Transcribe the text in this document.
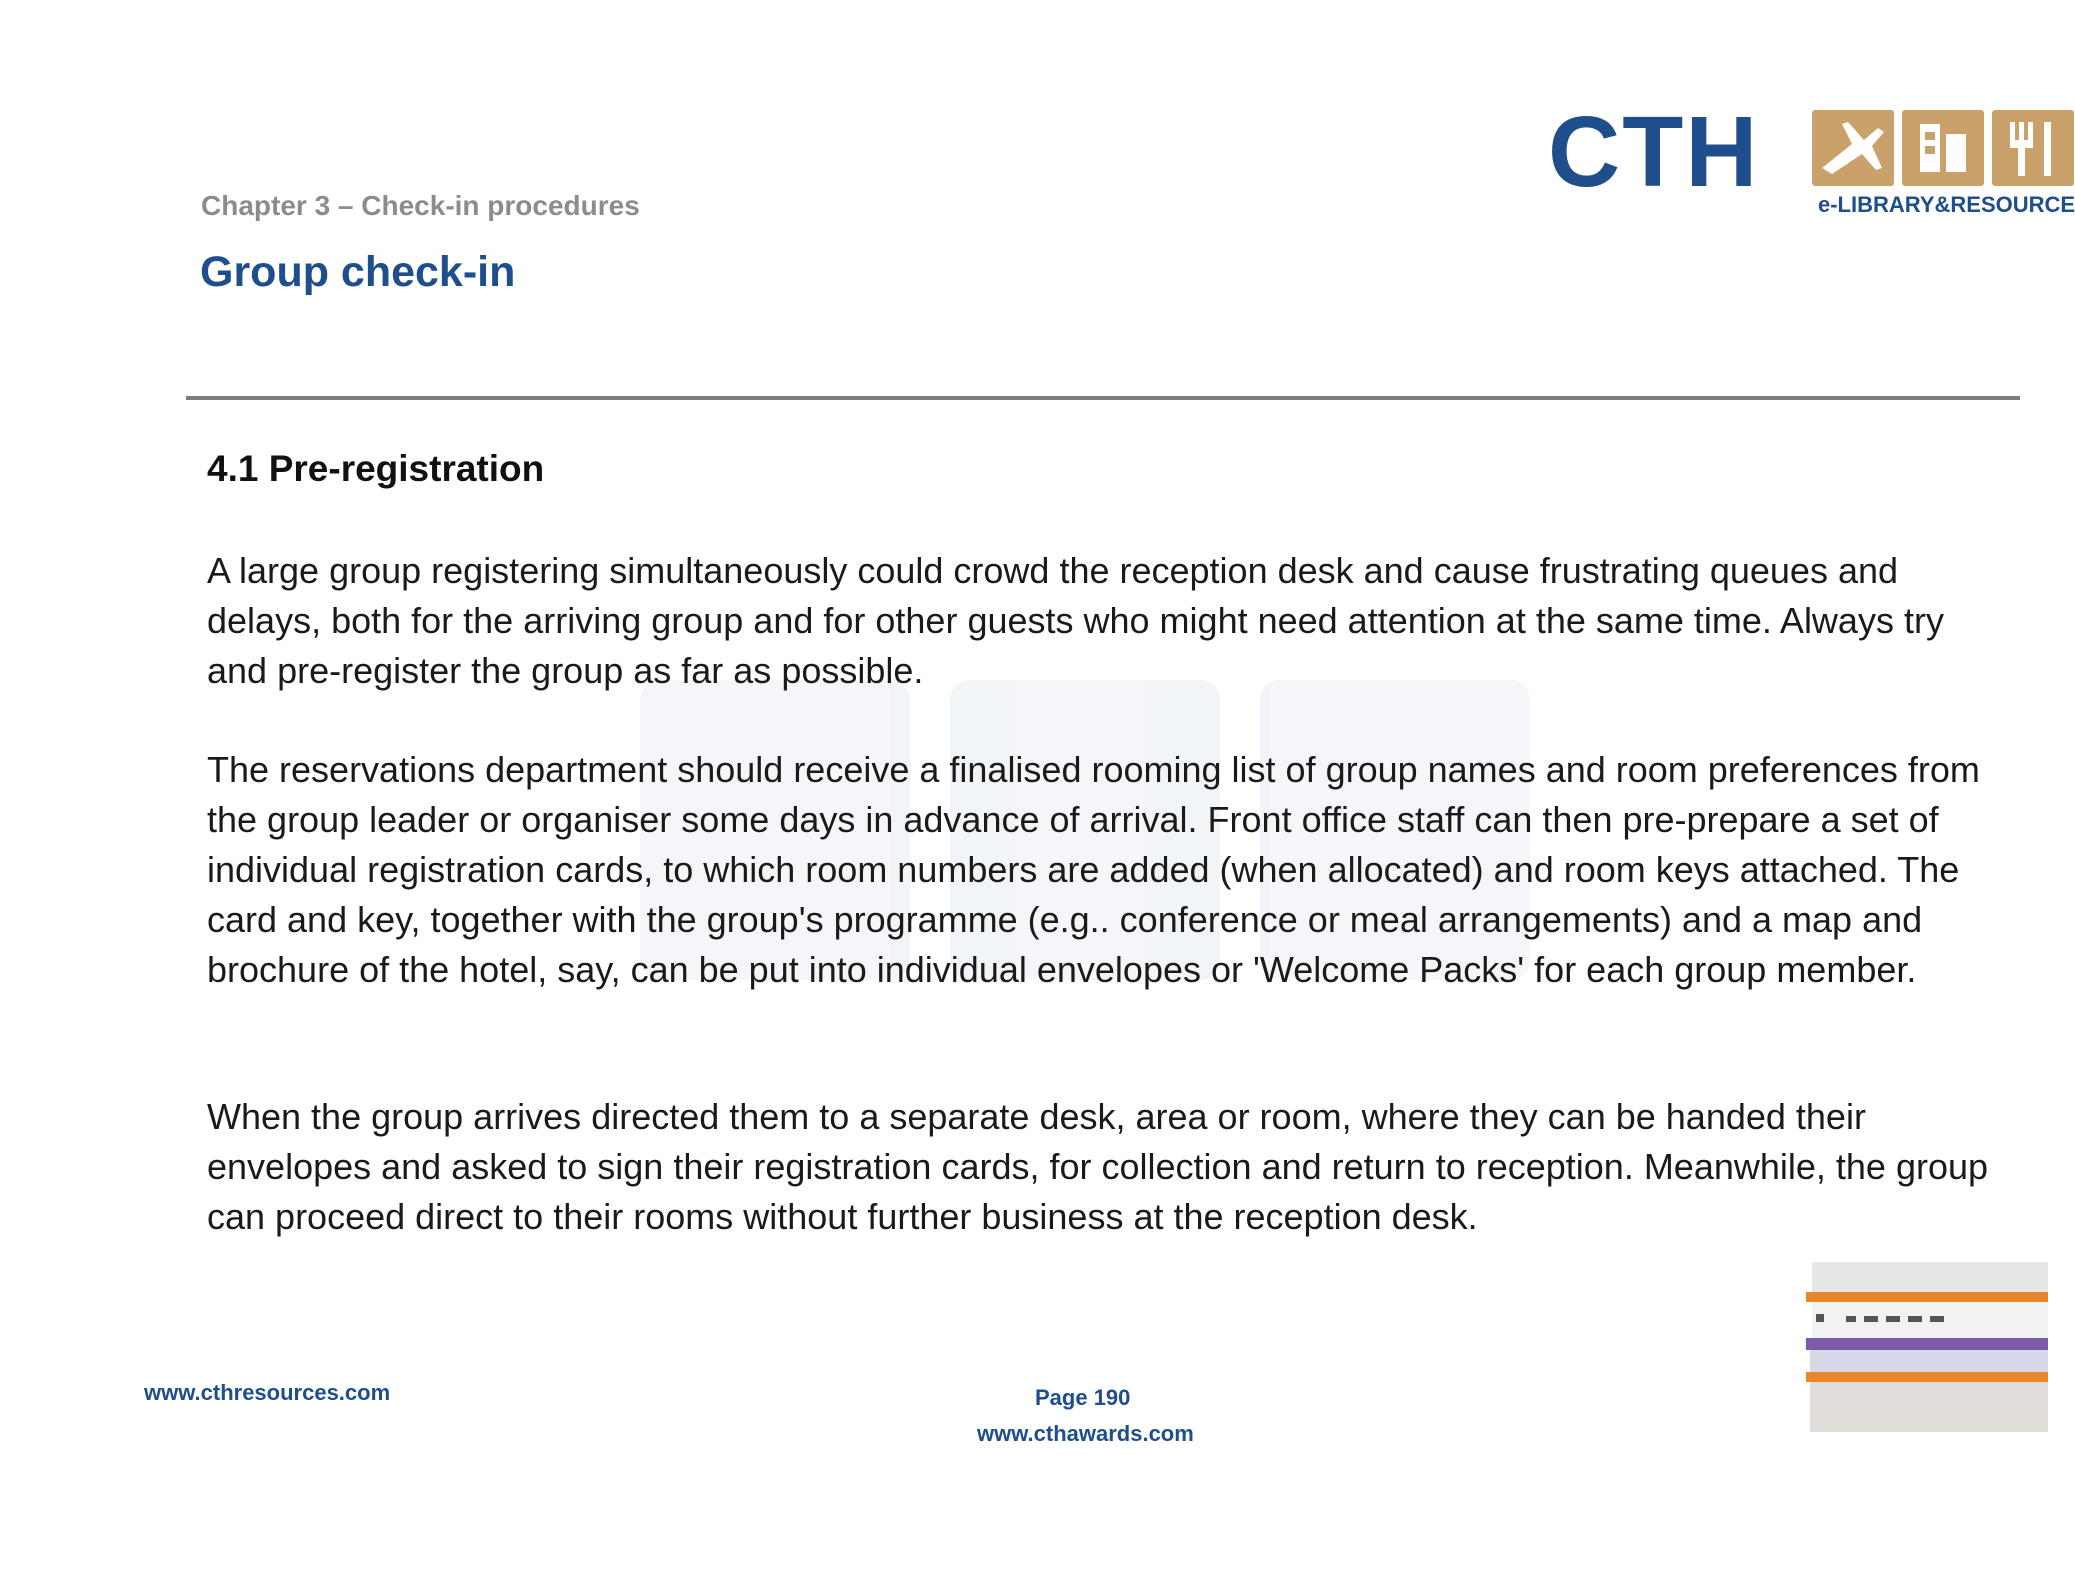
Chapter 3 – Check-in procedures
Group check-in
CTH	e-LIBRARY&RESOURCE
4.1 Pre-registration

A large group registering simultaneously could crowd the reception desk and cause frustrating queues and delays, both for the arriving group and for other guests who might need attention at the same time. Always try and pre-register the group as far as possible.

The reservations department should receive a finalised rooming list of group names and room preferences from the group leader or organiser some days in advance of arrival. Front office staff can then pre-prepare a set of individual registration cards, to which room numbers are added (when allocated) and room keys attached. The card and key, together with the group's programme (e.g.. conference or meal arrangements) and a map and brochure of the hotel, say, can be put into individual envelopes or 'Welcome Packs' for each group member.

When the group arrives directed them to a separate desk, area or room, where they can be handed their envelopes and asked to sign their registration cards, for collection and return to reception. Meanwhile, the group can proceed direct to their rooms without further business at the reception desk.

www.cthresources.com	Page 190
www.cthawards.com
